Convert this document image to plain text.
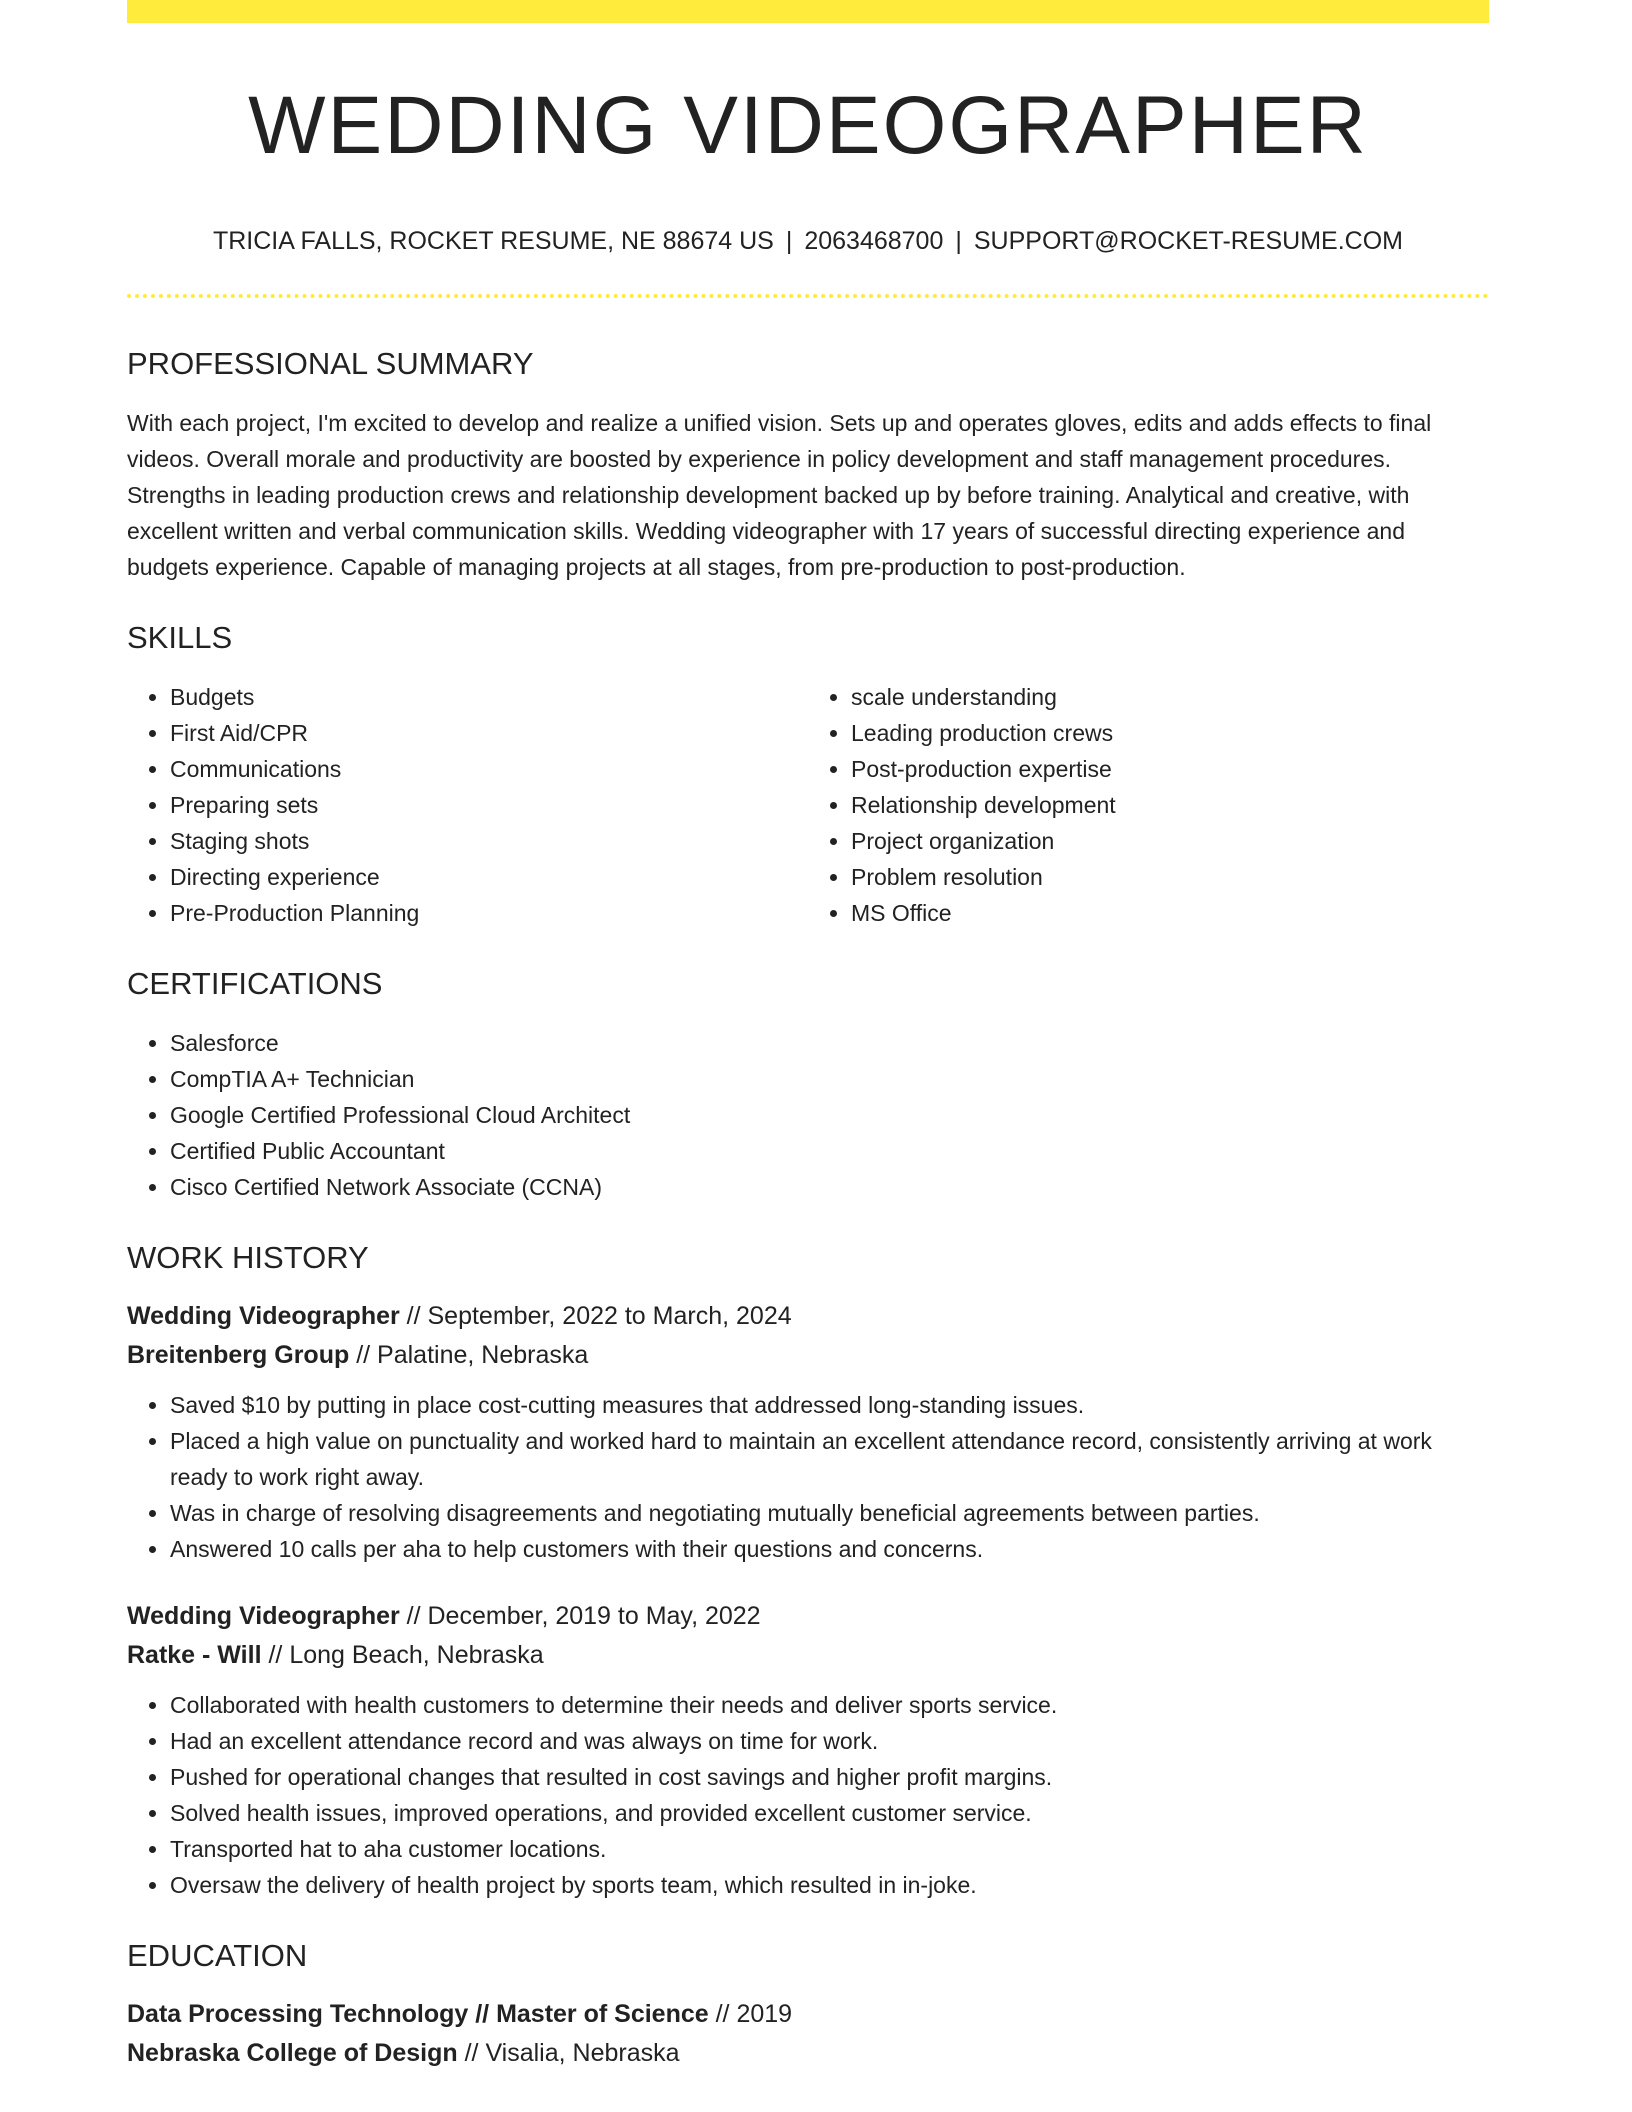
WEDDING VIDEOGRAPHER
TRICIA FALLS, ROCKET RESUME, NE 88674 US | 2063468700 | SUPPORT@ROCKET-RESUME.COM
PROFESSIONAL SUMMARY

With each project, I'm excited to develop and realize a unified vision. Sets up and operates gloves, edits and adds effects to final videos. Overall morale and productivity are boosted by experience in policy development and staff management procedures. Strengths in leading production crews and relationship development backed up by before training. Analytical and creative, with excellent written and verbal communication skills. Wedding videographer with 17 years of successful directing experience and budgets experience. Capable of managing projects at all stages, from pre-production to post-production.

SKILLS
• Budgets
• First Aid/CPR
• Communications
• Preparing sets
• Staging shots
• Directing experience
• Pre-Production Planning
• scale understanding
• Leading production crews
• Post-production expertise
• Relationship development
• Project organization
• Problem resolution
• MS Office
CERTIFICATIONS
• Salesforce
• CompTIA A+ Technician
• Google Certified Professional Cloud Architect
• Certified Public Accountant
• Cisco Certified Network Associate (CCNA)
WORK HISTORY

Wedding Videographer // September, 2022 to March, 2024

Breitenberg Group // Palatine, Nebraska

• Saved $10 by putting in place cost-cutting measures that addressed long-standing issues.
• Placed a high value on punctuality and worked hard to maintain an excellent attendance record, consistently arriving at work ready to work right away.
• Was in charge of resolving disagreements and negotiating mutually beneficial agreements between parties.
• Answered 10 calls per aha to help customers with their questions and concerns.

Wedding Videographer // December, 2019 to May, 2022

Ratke - Will // Long Beach, Nebraska

• Collaborated with health customers to determine their needs and deliver sports service.
• Had an excellent attendance record and was always on time for work.
• Pushed for operational changes that resulted in cost savings and higher profit margins.
• Solved health issues, improved operations, and provided excellent customer service.
• Transported hat to aha customer locations.
• Oversaw the delivery of health project by sports team, which resulted in in-joke.
EDUCATION

Data Processing Technology // Master of Science // 2019

Nebraska College of Design // Visalia, Nebraska
